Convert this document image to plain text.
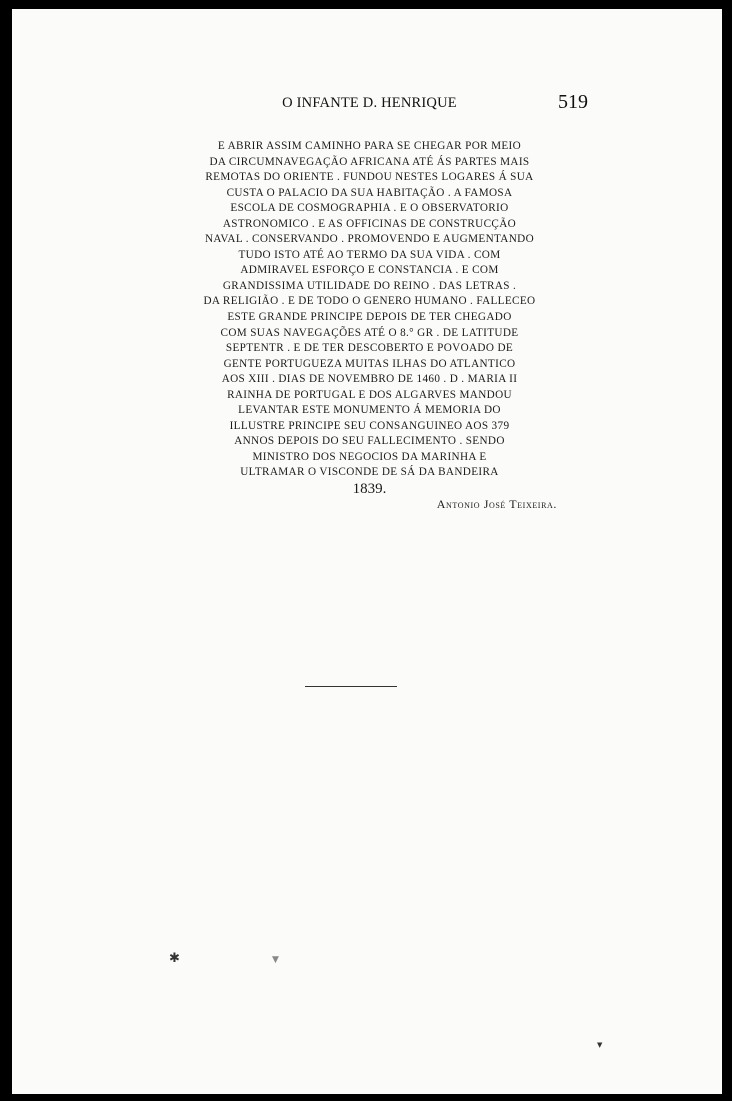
O INFANTE D. HENRIQUE	519
E ABRIR ASSIM CAMINHO PARA SE CHEGAR POR MEIO
DA CIRCUMNAVEGAÇÃO AFRICANA ATÉ ÁS PARTES MAIS
REMOTAS DO ORIENTE . FUNDOU NESTES LOGARES Á SUA
CUSTA O PALACIO DA SUA HABITAÇÃO . A FAMOSA
ESCOLA DE COSMOGRAPHIA . E O OBSERVATORIO
ASTRONOMICO . E AS OFFICINAS DE CONSTRUCÇÃO
NAVAL . CONSERVANDO . PROMOVENDO E AUGMENTANDO
TUDO ISTO ATÉ AO TERMO DA SUA VIDA . COM
ADMIRAVEL ESFORÇO E CONSTANCIA . E COM
GRANDISSIMA UTILIDADE DO REINO . DAS LETRAS .
DA RELIGIÃO . E DE TODO O GENERO HUMANO . FALLECEO
ESTE GRANDE PRINCIPE DEPOIS DE TER CHEGADO
COM SUAS NAVEGAÇÕES ATÉ O 8.° GR . DE LATITUDE
SEPTENTR . E DE TER DESCOBERTO E POVOADO DE
GENTE PORTUGUEZA MUITAS ILHAS DO ATLANTICO
AOS XIII . DIAS DE NOVEMBRO DE 1460 . D . MARIA II
RAINHA DE PORTUGAL E DOS ALGARVES MANDOU
LEVANTAR ESTE MONUMENTO Á MEMORIA DO
ILLUSTRE PRINCIPE SEU CONSANGUINEO AOS 379
ANNOS DEPOIS DO SEU FALLECIMENTO . SENDO
MINISTRO DOS NEGOCIOS DA MARINHA E
ULTRAMAR O VISCONDE DE SÁ DA BANDEIRA
1839.
Antonio José Teixeira.
✱	▼
▼
